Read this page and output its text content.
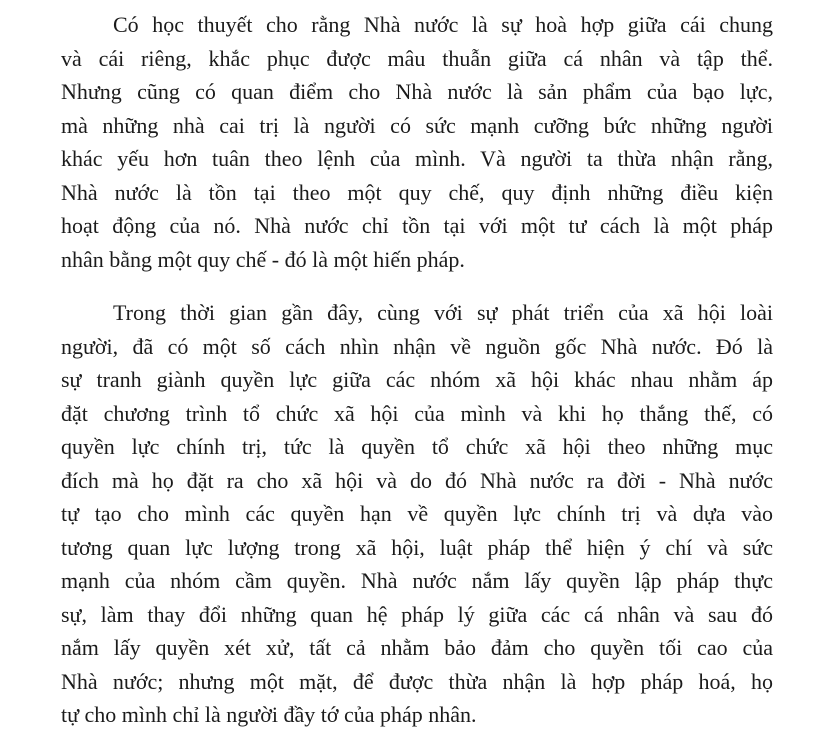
Có học thuyết cho rằng Nhà nước là sự hoà hợp giữa cái chung
và cái riêng, khắc phục được mâu thuẫn giữa cá nhân và tập thể.
Nhưng cũng có quan điểm cho Nhà nước là sản phẩm của bạo lực,
mà những nhà cai trị là người có sức mạnh cưỡng bức những người
khác yếu hơn tuân theo lệnh của mình. Và người ta thừa nhận rằng,
Nhà nước là tồn tại theo một quy chế, quy định những điều kiện
hoạt động của nó. Nhà nước chỉ tồn tại với một tư cách là một pháp
nhân bằng một quy chế - đó là một hiến pháp.

Trong thời gian gần đây, cùng với sự phát triển của xã hội loài
người, đã có một số cách nhìn nhận về nguồn gốc Nhà nước. Đó là
sự tranh giành quyền lực giữa các nhóm xã hội khác nhau nhằm áp
đặt chương trình tổ chức xã hội của mình và khi họ thắng thế, có
quyền lực chính trị, tức là quyền tổ chức xã hội theo những mục
đích mà họ đặt ra cho xã hội và do đó Nhà nước ra đời - Nhà nước
tự tạo cho mình các quyền hạn về quyền lực chính trị và dựa vào
tương quan lực lượng trong xã hội, luật pháp thể hiện ý chí và sức
mạnh của nhóm cầm quyền. Nhà nước nắm lấy quyền lập pháp thực
sự, làm thay đổi những quan hệ pháp lý giữa các cá nhân và sau đó
nắm lấy quyền xét xử, tất cả nhằm bảo đảm cho quyền tối cao của
Nhà nước; nhưng một mặt, để được thừa nhận là hợp pháp hoá, họ
tự cho mình chỉ là người đầy tớ của pháp nhân.
